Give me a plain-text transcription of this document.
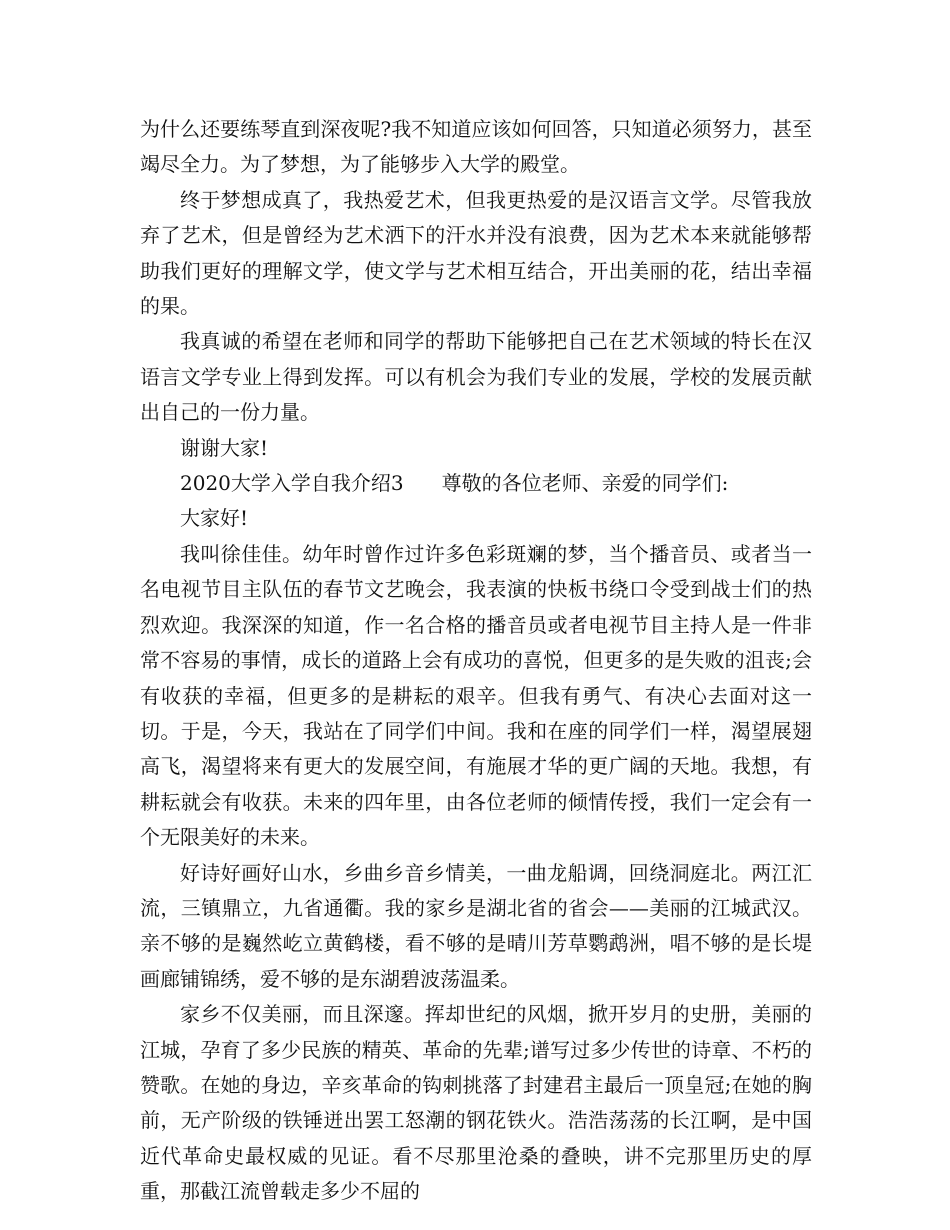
为什么还要练琴直到深夜呢?我不知道应该如何回答，只知道必须努力，甚至竭尽全力。为了梦想，为了能够步入大学的殿堂。

终于梦想成真了，我热爱艺术，但我更热爱的是汉语言文学。尽管我放弃了艺术，但是曾经为艺术洒下的汗水并没有浪费，因为艺术本来就能够帮助我们更好的理解文学，使文学与艺术相互结合，开出美丽的花，结出幸福的果。

我真诚的希望在老师和同学的帮助下能够把自己在艺术领域的特长在汉语言文学专业上得到发挥。可以有机会为我们专业的发展，学校的发展贡献出自己的一份力量。

谢谢大家!

2020大学入学自我介绍3 尊敬的各位老师、亲爱的同学们:

大家好!

我叫徐佳佳。幼年时曾作过许多色彩斑斓的梦，当个播音员、或者当一名电视节目主队伍的春节文艺晚会，我表演的快板书绕口令受到战士们的热烈欢迎。我深深的知道，作一名合格的播音员或者电视节目主持人是一件非常不容易的事情，成长的道路上会有成功的喜悦，但更多的是失败的沮丧;会有收获的幸福，但更多的是耕耘的艰辛。但我有勇气、有决心去面对这一切。于是，今天，我站在了同学们中间。我和在座的同学们一样，渴望展翅高飞，渴望将来有更大的发展空间，有施展才华的更广阔的天地。我想，有耕耘就会有收获。未来的四年里，由各位老师的倾情传授，我们一定会有一个无限美好的未来。

好诗好画好山水，乡曲乡音乡情美，一曲龙船调，回绕洞庭北。两江汇流，三镇鼎立，九省通衢。我的家乡是湖北省的省会——美丽的江城武汉。亲不够的是巍然屹立黄鹤楼，看不够的是晴川芳草鹦鹉洲，唱不够的是长堤画廊铺锦绣，爱不够的是东湖碧波荡温柔。

家乡不仅美丽，而且深邃。挥却世纪的风烟，掀开岁月的史册，美丽的江城，孕育了多少民族的精英、革命的先辈;谱写过多少传世的诗章、不朽的赞歌。在她的身边，辛亥革命的钩刺挑落了封建君主最后一顶皇冠;在她的胸前，无产阶级的铁锤迸出罢工怒潮的钢花铁火。浩浩荡荡的长江啊，是中国近代革命史最权威的见证。看不尽那里沧桑的叠映，讲不完那里历史的厚重，那截江流曾载走多少不屈的
